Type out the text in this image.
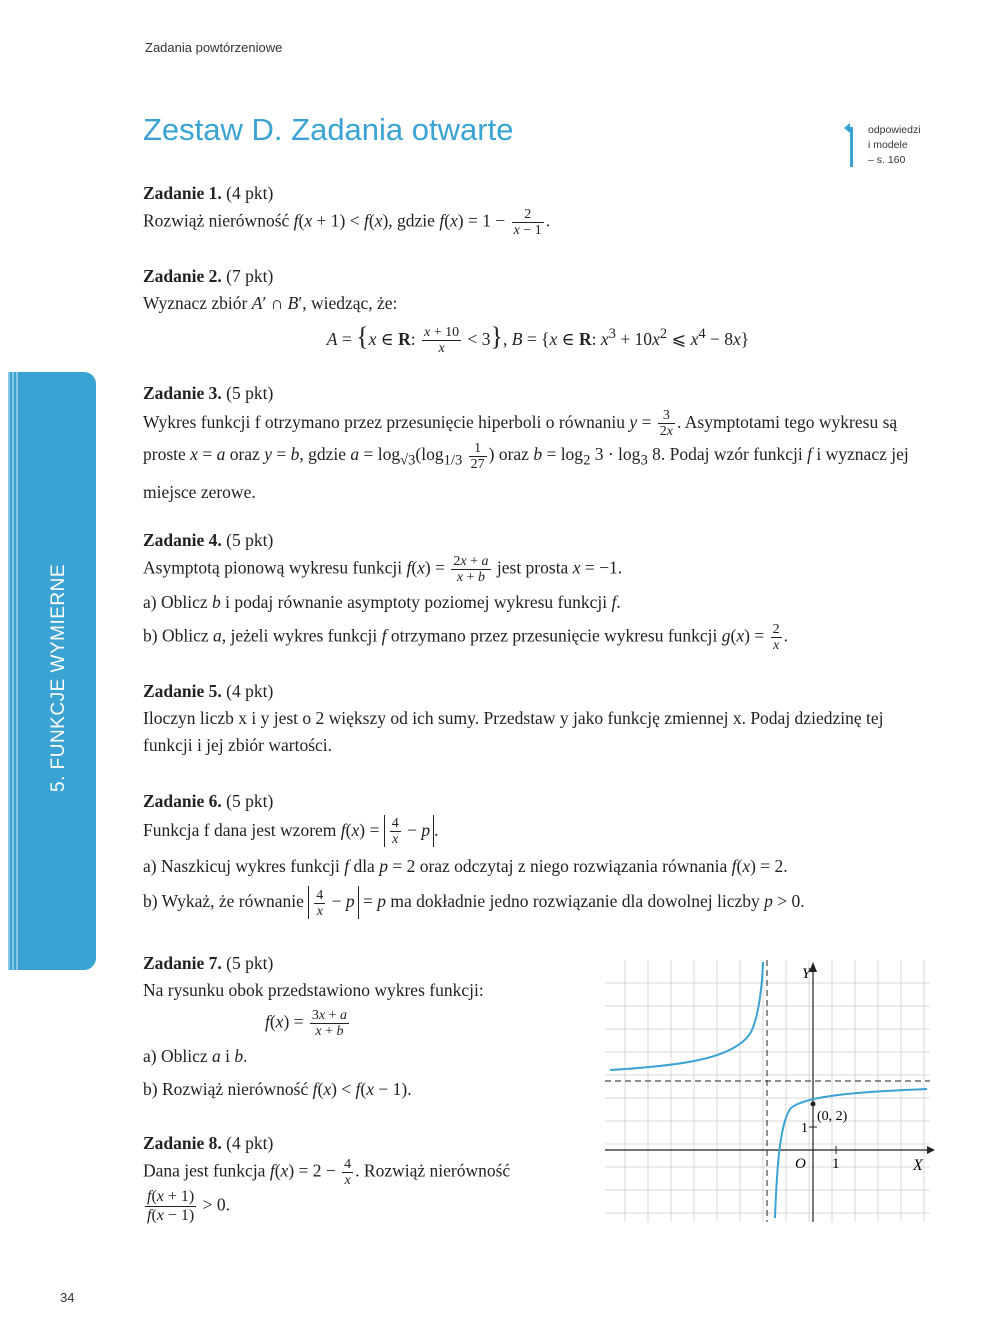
Zadania powtórzeniowe
Zestaw D. Zadania otwarte	odpowiedzi
i modele
– s. 160
5. FUNKCJE WYMIERNE

Zadanie 1. (4 pkt)

Rozwiąż nierówność f(x + 1) < f(x), gdzie $f(x) = 1 - \frac{2}{x - 1}$ .

Zadanie 2. (7 pkt)

Wyznacz zbiór A′ ∩ B′, wiedząc, że:

A = {x ∈ R: $\frac{x + 10}{x} < 3$}, B = {x ∈ R: $x^3 + 10x^2$ ⩽ $x^4 - 8x$}

Zadanie 3. (5 pkt)

Wykres funkcji f otrzymano przez przesunięcie hiperboli o równaniu $y = \frac{3}{2x}$ . Asymptotami tego wykresu są proste x = a oraz y = b, gdzie $a = \log_{√3}(\log_{1/3} \frac{1}{27}$ ) oraz $b = \log_2 3 \cdot \log_3 8$. Podaj wzór funkcji f i wyznacz jej miejsce zerowe.

Zadanie 4. (5 pkt)

Asymptotą pionową wykresu funkcji $f(x) = \frac{2x + a}{x + b}$ jest prosta x = −1.

a) Oblicz b i podaj równanie asymptoty poziomej wykresu funkcji f.

b) Oblicz a, jeżeli wykres funkcji f otrzymano przez przesunięcie wykresu funkcji $g(x) = \frac{2}{x}$ .

Zadanie 5. (4 pkt)

Iloczyn liczb x i y jest o 2 większy od ich sumy. Przedstaw y jako funkcję zmiennej x. Podaj dziedzinę tej funkcji i jej zbiór wartości.

Zadanie 6. (5 pkt)

Funkcja f dana jest wzorem $f(x) = \frac{4}{x} - p$ .

a) Naszkicuj wykres funkcji f dla p = 2 oraz odczytaj z niego rozwiązania równania f(x) = 2.

b) Wykaż, że równanie $\frac{4}{x} - p = p$ ma dokładnie jedno rozwiązanie dla dowolnej liczby p > 0.

Zadanie 7. (5 pkt)

Na rysunku obok przedstawiono wykres funkcji:

$f(x) = \frac{3x + a}{x + b}$

a) Oblicz a i b.

b) Rozwiąż nierówność f(x) < f(x − 1).

Zadanie 8. (4 pkt)

Dana jest funkcja $f(x) = 2 - \frac{4}{x}$ . Rozwiąż nierówność

$\frac{f(x + 1)}{f(x - 1)} > 0$.

Y
X
O 1
1
(0, 2)
34
